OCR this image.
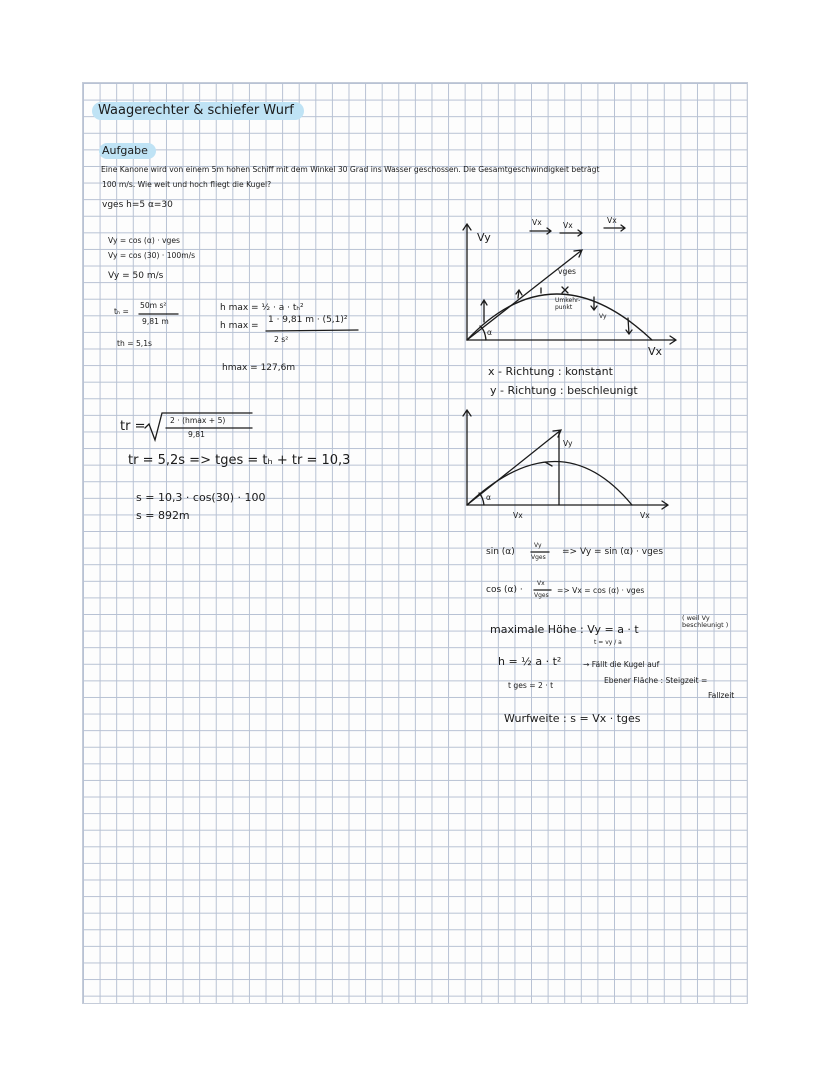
Waagerechter & schiefer Wurf
Aufgabe
Eine Kanone wird von einem 5m hohen Schiff mit dem Winkel 30 Grad ins Wasser geschossen. Die Gesamtgeschwindigkeit beträgt
100 m/s. Wie weit und hoch fliegt die Kugel?
vges h=5 α=30
Vy = cos (α) · vges
Vy = cos (30) · 100m/s
Vy = 50 m/s
tₕ =
50m s²
9,81 m
th = 5,1s
h max = ½ · a · tₕ²
h max =
1 · 9,81 m · (5,1)²
2 s²
hmax = 127,6m
tr =	2 · (hmax + 5)
9,81
tr = 5,2s => tges = tₕ + tr = 10,3
s = 10,3 · cos(30) · 100
s = 892m
Vy
Vx
vges
Vx	Vx
Vx
Umkehr-punkt
Vy
α
x - Richtung : konstant
y - Richtung : beschleunigt
Vy
Vx	Vx
α
sin (α)
Vy
Vges
=> Vy = sin (α) · vges
cos (α) ·
Vx
Vges
=> Vx = cos (α) · vges
maximale Höhe : Vy = a · t
( weil Vy beschleunigt )
t = vy / a
h = ½ a · t²
t ges = 2 · t
→ Fällt die Kugel auf
Ebener Fläche : Steigzeit =
Fallzeit
Wurfweite : s = Vx · tges
